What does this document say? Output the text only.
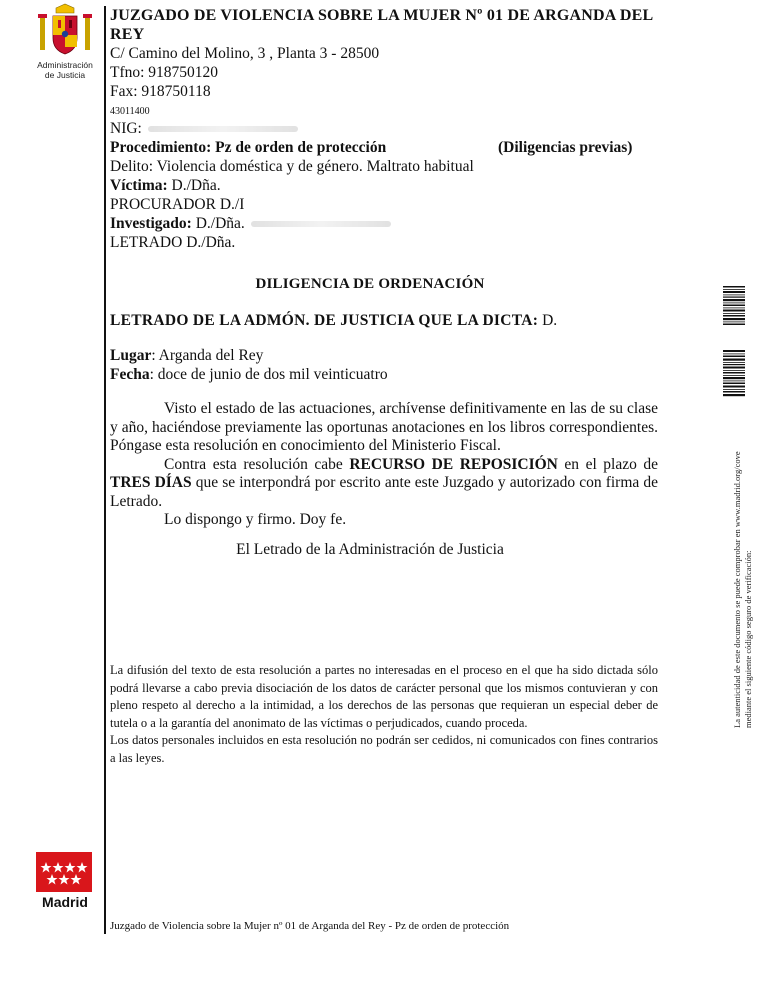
Administración
de Justicia
Madrid
JUZGADO DE VIOLENCIA SOBRE LA MUJER Nº 01 DE ARGANDA DEL REY
C/ Camino del Molino, 3 , Planta 3 - 28500
Tfno: 918750120
Fax: 918750118
43011400
NIG:
Procedimiento: Pz de orden de protección	(Diligencias previas)
Delito: Violencia doméstica y de género. Maltrato habitual
Víctima: D./Dña.
PROCURADOR D./I
Investigado: D./Dña.
LETRADO D./Dña.
DILIGENCIA DE ORDENACIÓN
LETRADO DE LA ADMÓN. DE JUSTICIA QUE LA DICTA: D.
Lugar: Arganda del Rey
Fecha: doce de junio de dos mil veinticuatro

Visto el estado de las actuaciones, archívense definitivamente en las de su clase y año, haciéndose previamente las oportunas anotaciones en los libros correspondientes. Póngase esta resolución en conocimiento del Ministerio Fiscal.

Contra esta resolución cabe RECURSO DE REPOSICIÓN en el plazo de TRES DÍAS que se interpondrá por escrito ante este Juzgado y autorizado con firma de Letrado.

Lo dispongo y firmo. Doy fe.

El Letrado de la Administración de Justicia

La difusión del texto de esta resolución a partes no interesadas en el proceso en el que ha sido dictada sólo podrá llevarse a cabo previa disociación de los datos de carácter personal que los mismos contuvieran y con pleno respeto al derecho a la intimidad, a los derechos de las personas que requieran un especial deber de tutela o a la garantía del anonimato de las víctimas o perjudicados, cuando proceda.

Los datos personales incluidos en esta resolución no podrán ser cedidos, ni comunicados con fines contrarios a las leyes.

Juzgado de Violencia sobre la Mujer nº 01 de Arganda del Rey - Pz de orden de protección
La autenticidad de este documento se puede comprobar en www.madrid.org/cove mediante el siguiente código seguro de verificación:
